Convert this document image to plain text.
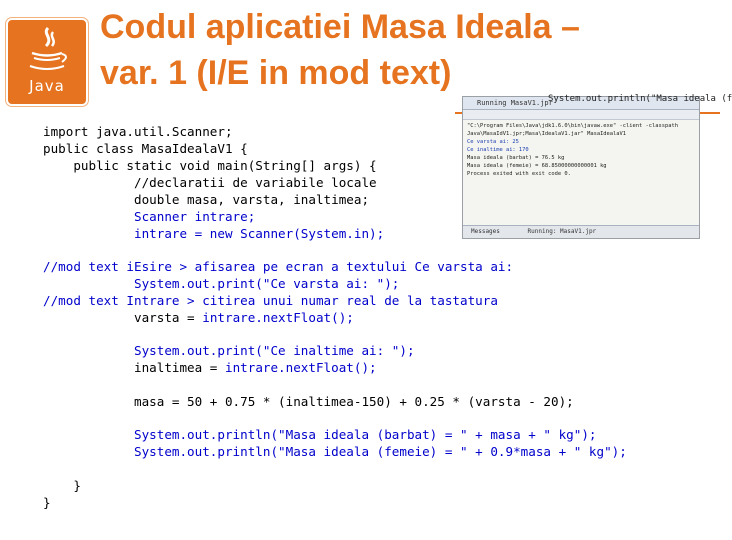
Java
Codul aplicatiei Masa Ideala –
var. 1 (I/E in mod text)
System.out.println("Masa ideala (f
Running MasaV1.jpr
"C:\Program Files\Java\jdk1.6.0\bin\javaw.exe" -client -classpath
Java\MasaIdV1.jpr;Masa\IdealaV1.jar" MasaIdealaV1
Ce varsta ai: 25
Ce inaltime ai: 170
Masa ideala (barbat) = 76.5 kg
Masa ideala (femeie) = 68.85000000000001 kg
Process exited with exit code 0.
Messages	Running: MasaV1.jpr
import java.util.Scanner;
public class MasaIdealaV1 {
public static void main(String[] args) {
//declaratii de variabile locale
double masa, varsta, inaltimea;
Scanner intrare;
intrare = new Scanner(System.in);
//mod text iEsire > afisarea pe ecran a textului Ce varsta ai:
System.out.print("Ce varsta ai: ");
//mod text Intrare > citirea unui numar real de la tastatura
varsta = intrare.nextFloat();
System.out.print("Ce inaltime ai: ");
inaltimea = intrare.nextFloat();
masa = 50 + 0.75 * (inaltimea-150) + 0.25 * (varsta - 20);
System.out.println("Masa ideala (barbat) = " + masa + " kg");
System.out.println("Masa ideala (femeie) = " + 0.9*masa + " kg");
}
}
